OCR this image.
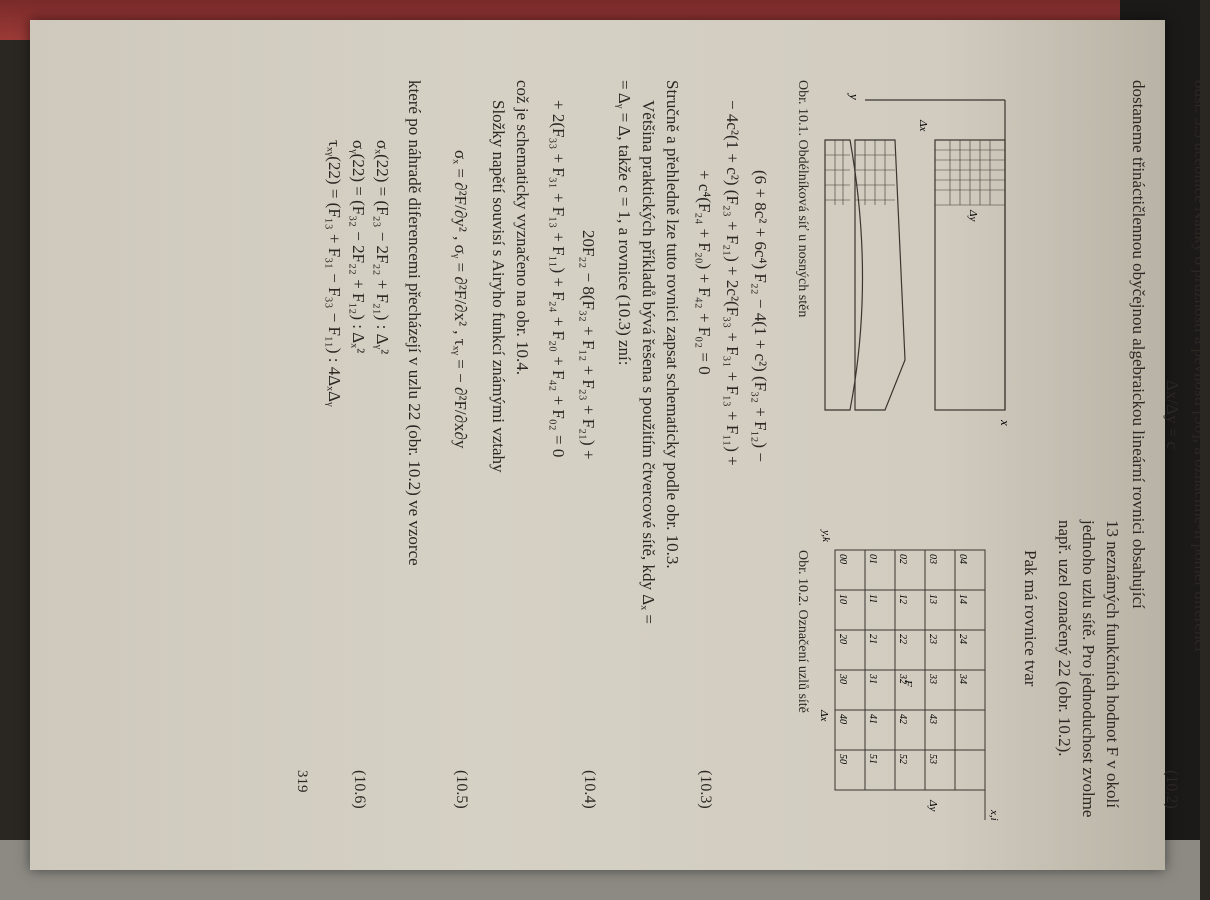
odst. 5.3 učebnice Nauky o pružnosti a pevnosti [36], a označíme-li poměr diferencí
Δx/Δy = c
(10.2)
dostaneme třináctičlennou obyčejnou algebraickou lineární rovnici obsahující
13 neznámých funkčních hodnot F v okolí
jednoho uzlu sítě. Pro jednoduchost zvolme
např. uzel označený 22 (obr. 10.2).
Pak má rovnice tvar
x
y
Δx
Δy
Obr. 10.1. Obdélníková síť u nosných stěn
x,i
y,k
Δy
Δx
F
00
10
20
30
40
50
01
11
21
31
41
51
02
12
22
32
42
52
03
13
23
33
43
53
04
14
24
34
Obr. 10.2. Označení uzlů sítě
(6 + 8c² + 6c⁴) F₂₂ − 4(1 + c²) (F₃₂ + F₁₂) −
− 4c²(1 + c²) (F₂₃ + F₂₁) + 2c²(F₃₃ + F₃₁ + F₁₃ + F₁₁) +
+ c⁴(F₂₄ + F₂₀) + F₄₂ + F₀₂ = 0
(10.3)
Stručně a přehledně lze tuto rovnici zapsat schematicky podle obr. 10.3.
Většina praktických příkladů bývá řešena s použitím čtvercové sítě, kdy Δₓ =
= Δᵧ = Δ, takže c = 1, a rovnice (10.3) zní:
20F₂₂ − 8(F₃₂ + F₁₂ + F₂₃ + F₂₁) +
(10.4)
+ 2(F₃₃ + F₃₁ + F₁₃ + F₁₁) + F₂₄ + F₂₀ + F₄₂ + F₀₂ = 0
což je schematicky vyznačeno na obr. 10.4.
Složky napětí souvisí s Airyho funkcí známými vztahy
σₓ = ∂²F/∂y² , σᵧ = ∂²F/∂x² , τₓᵧ = − ∂²F/∂x∂y
(10.5)
které po náhradě diferencemi přecházejí v uzlu 22 (obr. 10.2) ve vzorce
σₓ(22) = (F₂₃ − 2F₂₂ + F₂₁) : Δᵧ²
σᵧ(22) = (F₃₂ − 2F₂₂ + F₁₂) : Δₓ²
τₓᵧ(22) = (F₁₃ + F₃₁ − F₃₃ − F₁₁) : 4ΔₓΔᵧ
(10.6)
319
